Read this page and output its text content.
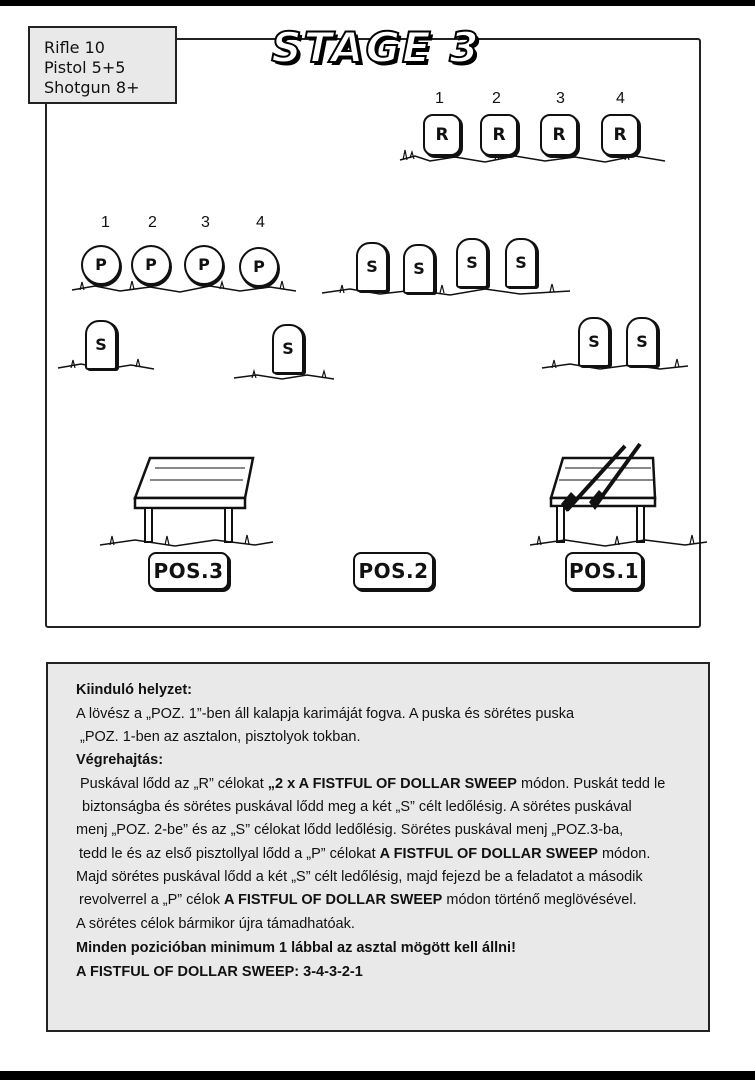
Rifle 10
Pistol 5+5
Shotgun 8+
STAGE 3
1	2	3	4
R	R	R	R
1 2	3	4
P	P	P	P	S	S	S	S
S	S	S	S
POS.3	POS.2	POS.1
Kiinduló helyzet:
A lövész a „POZ. 1”-ben áll kalapja karimáját fogva. A puska és sörétes puska
„POZ. 1-ben az asztalon, pisztolyok tokban.
Végrehajtás:
Puskával lődd az „R” célokat „2 x A FISTFUL OF DOLLAR SWEEP módon. Puskát tedd le
biztonságba és sörétes puskával lődd meg a két „S” célt ledőlésig. A sörétes puskával
menj „POZ. 2-be” és az „S” célokat lődd ledőlésig. Sörétes puskával menj „POZ.3-ba,
tedd le és az első pisztollyal lődd a „P” célokat A FISTFUL OF DOLLAR SWEEP módon.
Majd sörétes puskával lődd a két „S” célt ledőlésig, majd fejezd be a feladatot a második
revolverrel a „P” célok A FISTFUL OF DOLLAR SWEEP módon történő meglövésével.
A sörétes célok bármikor újra támadhatóak.
Minden pozicióban minimum 1 lábbal az asztal mögött kell állni!
A FISTFUL OF DOLLAR SWEEP: 3-4-3-2-1
